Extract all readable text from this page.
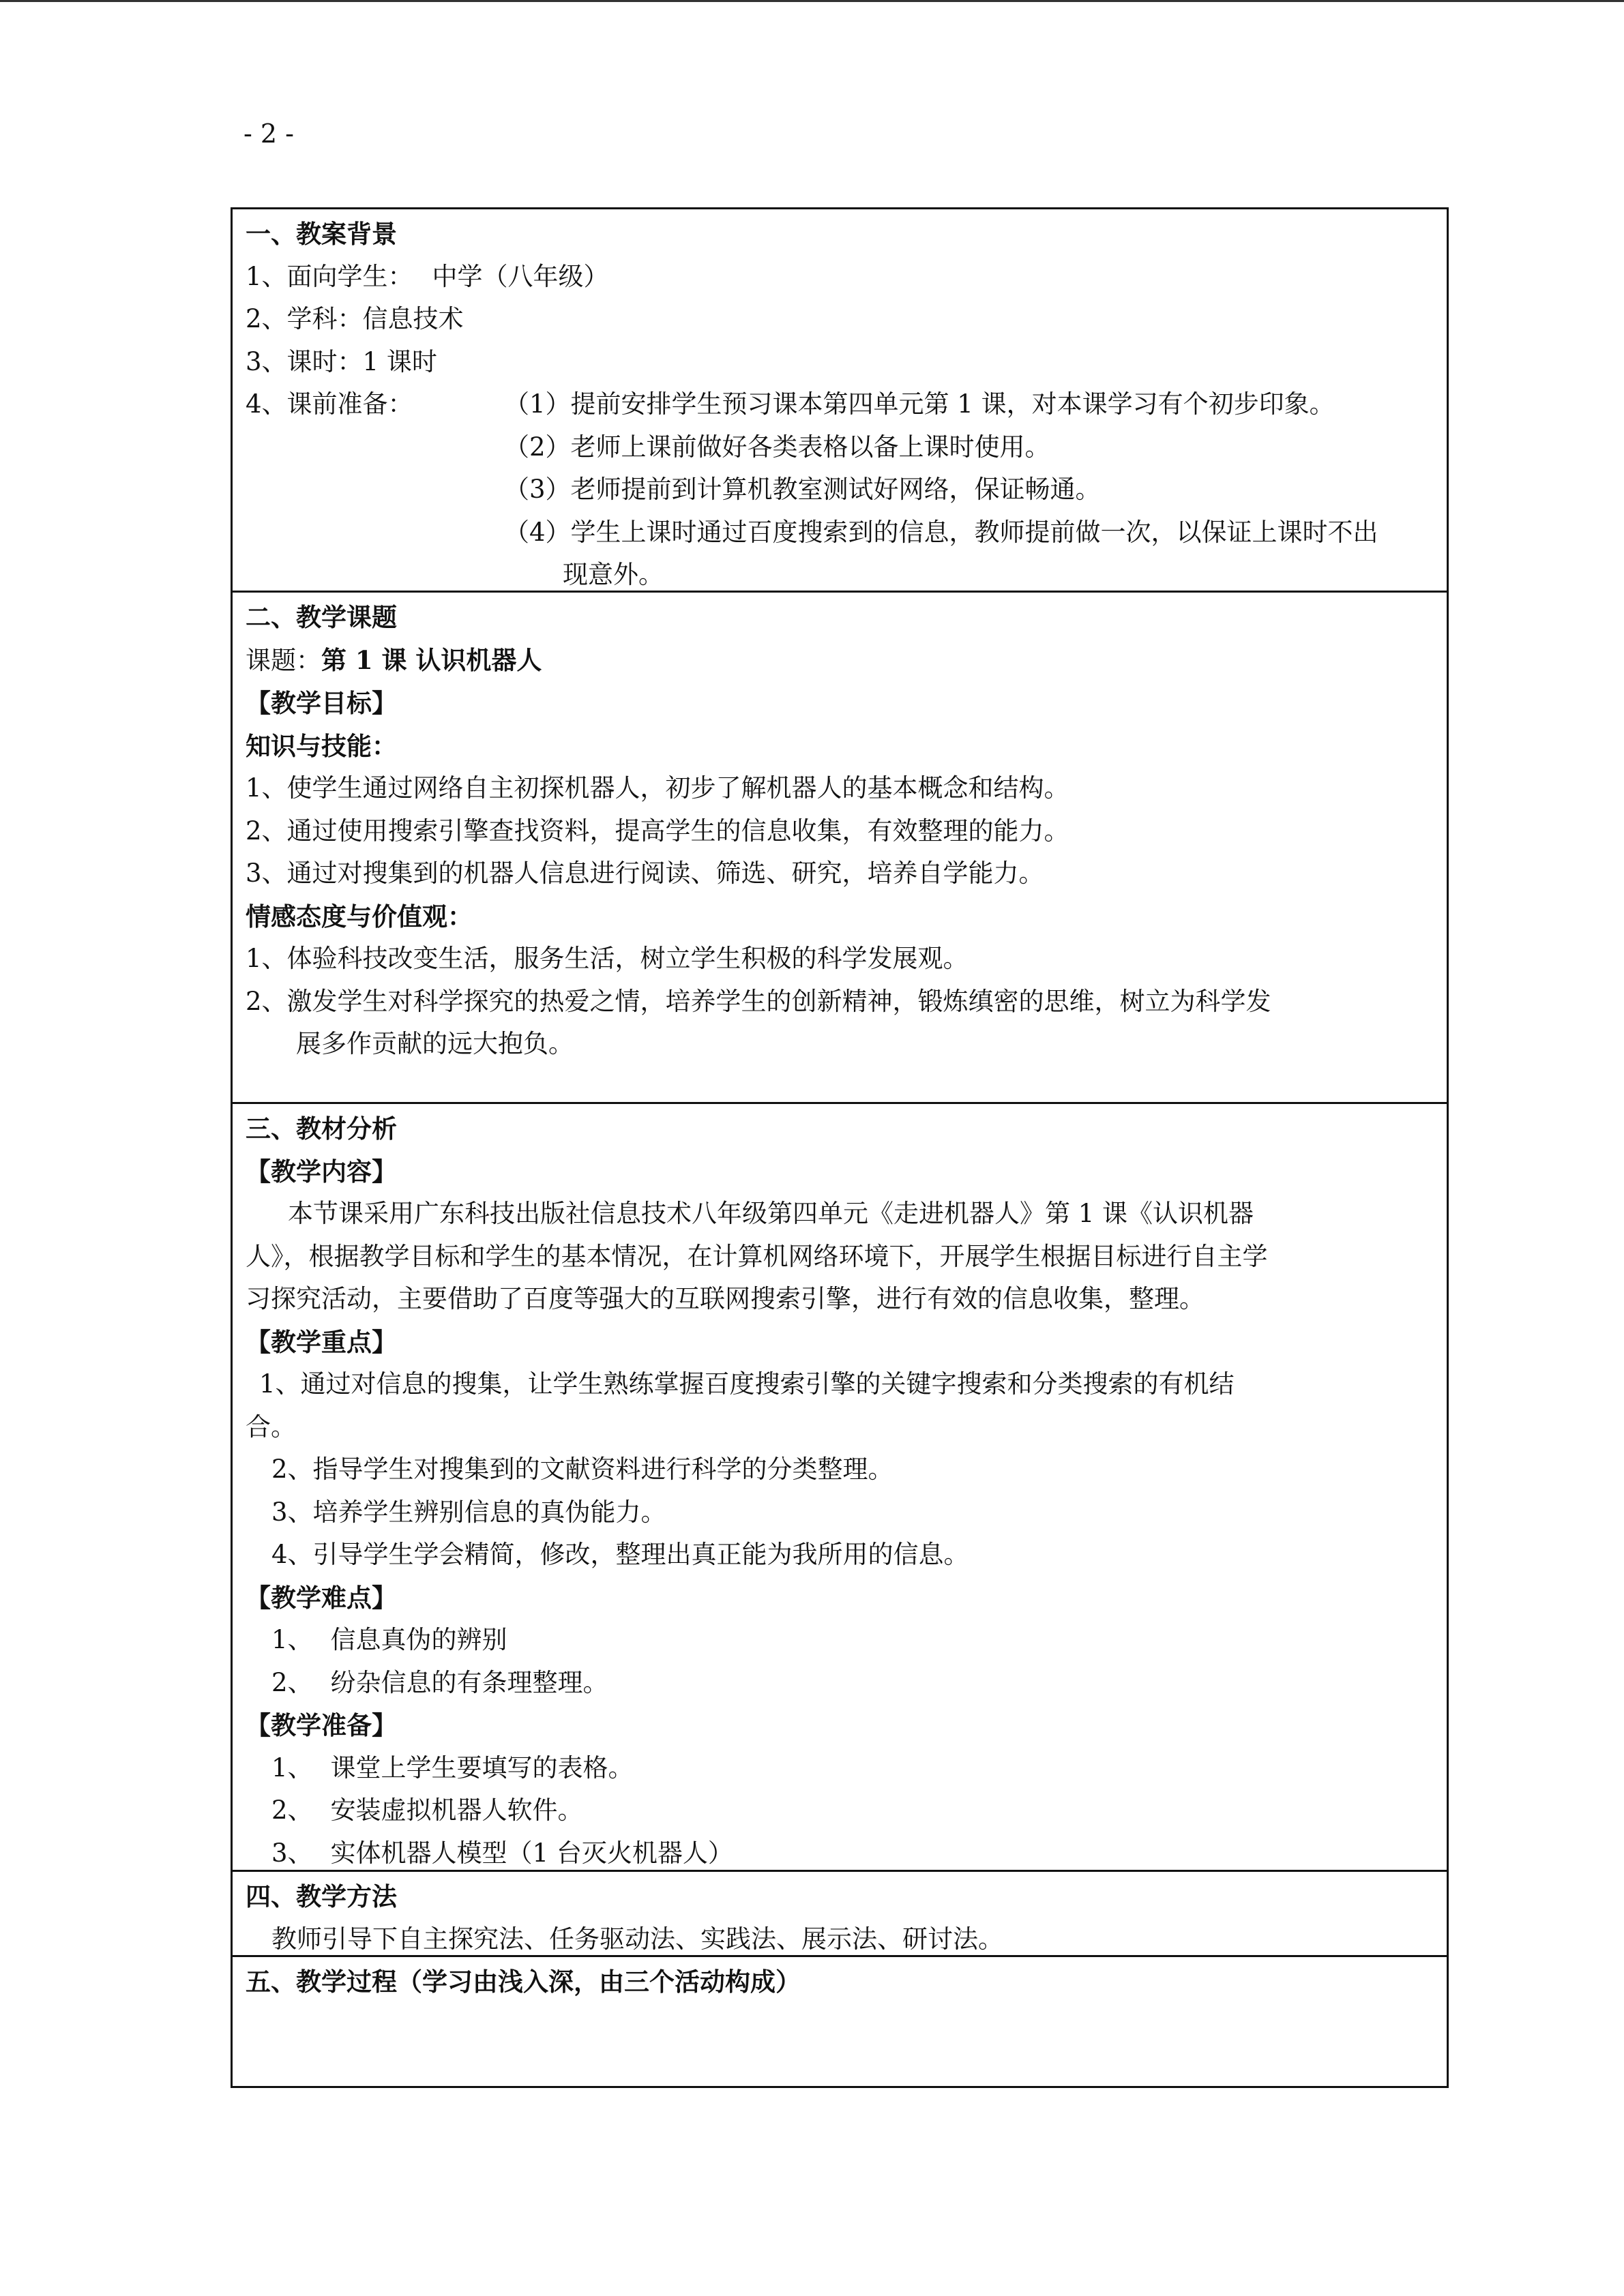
- 2 -
一、教案背景
1、面向学生： 中学（八年级）
2、学科：信息技术
3、课时：1 课时
4、课前准备：	（1）提前安排学生预习课本第四单元第 1 课，对本课学习有个初步印象。
（2）老师上课前做好各类表格以备上课时使用。
（3）老师提前到计算机教室测试好网络，保证畅通。
（4）学生上课时通过百度搜索到的信息，教师提前做一次，以保证上课时不出
现意外。
二、教学课题
课题：第 1 课 认识机器人
【教学目标】
知识与技能：
1、使学生通过网络自主初探机器人，初步了解机器人的基本概念和结构。
2、通过使用搜索引擎查找资料，提高学生的信息收集，有效整理的能力。
3、通过对搜集到的机器人信息进行阅读、筛选、研究，培养自学能力。
情感态度与价值观：
1、体验科技改变生活，服务生活，树立学生积极的科学发展观。
2、激发学生对科学探究的热爱之情，培养学生的创新精神，锻炼缜密的思维，树立为科学发
展多作贡献的远大抱负。
三、教材分析
【教学内容】
本节课采用广东科技出版社信息技术八年级第四单元《走进机器人》第 1 课《认识机器
人》，根据教学目标和学生的基本情况，在计算机网络环境下，开展学生根据目标进行自主学
习探究活动，主要借助了百度等强大的互联网搜索引擎，进行有效的信息收集，整理。
【教学重点】
1、通过对信息的搜集，让学生熟练掌握百度搜索引擎的关键字搜索和分类搜索的有机结
合。
2、指导学生对搜集到的文献资料进行科学的分类整理。
3、培养学生辨别信息的真伪能力。
4、引导学生学会精简，修改，整理出真正能为我所用的信息。
【教学难点】
1、 信息真伪的辨别
2、 纷杂信息的有条理整理。
【教学准备】
1、 课堂上学生要填写的表格。
2、 安装虚拟机器人软件。
3、 实体机器人模型（1 台灭火机器人）
四、教学方法
教师引导下自主探究法、任务驱动法、实践法、展示法、研讨法。
五、教学过程（学习由浅入深，由三个活动构成）
